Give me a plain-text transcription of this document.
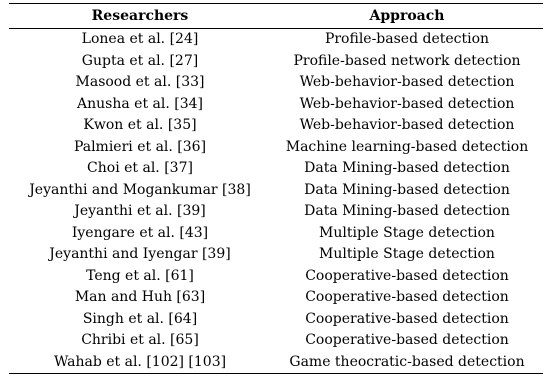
Researchers	Approach

Lonea et al. [24]	Profile-based detection
Gupta et al. [27]	Profile-based network detection
Masood et al. [33]	Web-behavior-based detection
Anusha et al. [34]	Web-behavior-based detection
Kwon et al. [35]	Web-behavior-based detection
Palmieri et al. [36]	Machine learning-based detection
Choi et al. [37]	Data Mining-based detection
Jeyanthi and Mogankumar [38]	Data Mining-based detection
Jeyanthi et al. [39]	Data Mining-based detection
Iyengare et al. [43]	Multiple Stage detection
Jeyanthi and Iyengar [39]	Multiple Stage detection
Teng et al. [61]	Cooperative-based detection
Man and Huh [63]	Cooperative-based detection
Singh et al. [64]	Cooperative-based detection
Chribi et al. [65]	Cooperative-based detection
Wahab et al. [102] [103]	Game theocratic-based detection
